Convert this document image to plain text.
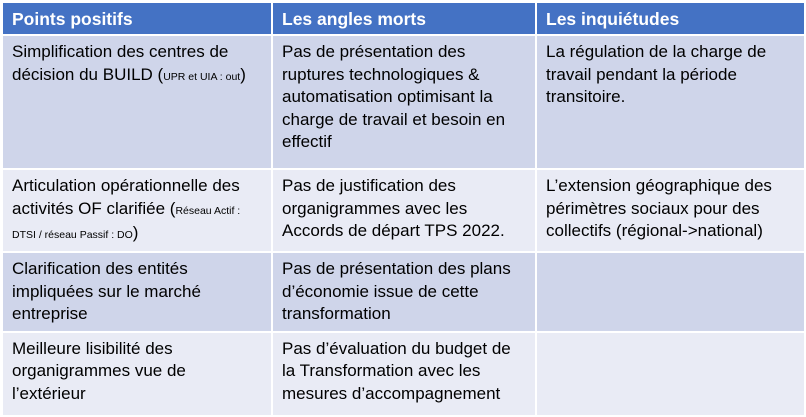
Points positifs	Les angles morts	Les inquiétudes
Simplification des centres de décision du BUILD (UPR et UIA : out)	Pas de présentation des ruptures technologiques & automatisation optimisant la charge de travail et besoin en effectif	La régulation de la charge de travail pendant la période transitoire.
Articulation opérationnelle des activités OF clarifiée (Réseau Actif : DTSI / réseau Passif : DO)	Pas de justification des organigrammes avec les Accords de départ TPS 2022.	L’extension géographique des périmètres sociaux pour des collectifs (régional->national)
Clarification des entités impliquées sur le marché entreprise	Pas de présentation des plans d’économie issue de cette transformation	
Meilleure lisibilité des organigrammes vue de l’extérieur	Pas d’évaluation du budget de la Transformation avec les mesures d’accompagnement	
